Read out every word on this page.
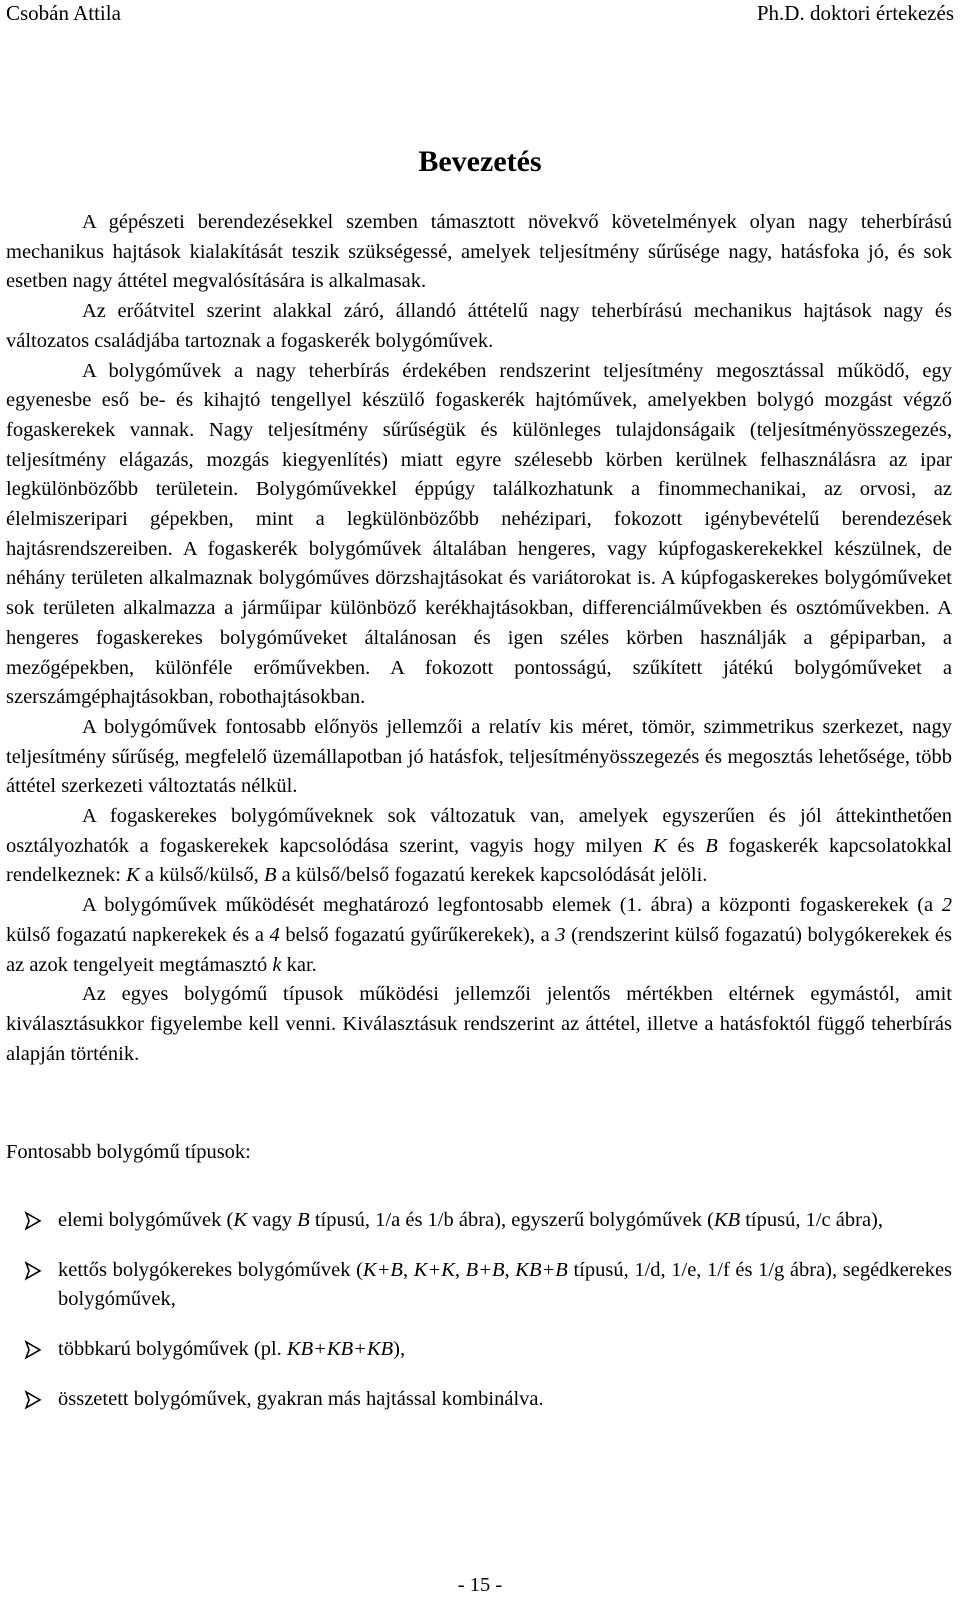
Csobán Attila	Ph.D. doktori értekezés
Bevezetés

A gépészeti berendezésekkel szemben támasztott növekvő követelmények olyan nagy teherbírású mechanikus hajtások kialakítását teszik szükségessé, amelyek teljesítmény sűrűsége nagy, hatásfoka jó, és sok esetben nagy áttétel megvalósítására is alkalmasak.

Az erőátvitel szerint alakkal záró, állandó áttételű nagy teherbírású mechanikus hajtások nagy és változatos családjába tartoznak a fogaskerék bolygóművek.

A bolygóművek a nagy teherbírás érdekében rendszerint teljesítmény megosztással működő, egy egyenesbe eső be- és kihajtó tengellyel készülő fogaskerék hajtóművek, amelyekben bolygó mozgást végző fogaskerekek vannak. Nagy teljesítmény sűrűségük és különleges tulajdonságaik (teljesítményösszegezés, teljesítmény elágazás, mozgás kiegyenlítés) miatt egyre szélesebb körben kerülnek felhasználásra az ipar legkülönbözőbb területein. Bolygóművekkel éppúgy találkozhatunk a finommechanikai, az orvosi, az élelmiszeripari gépekben, mint a legkülönbözőbb nehézipari, fokozott igénybevételű berendezések hajtásrendszereiben. A fogaskerék bolygóművek általában hengeres, vagy kúpfogaskerekekkel készülnek, de néhány területen alkalmaznak bolygóműves dörzshajtásokat és variátorokat is. A kúpfogaskerekes bolygóműveket sok területen alkalmazza a járműipar különböző kerékhajtásokban, differenciálművekben és osztóművekben. A hengeres fogaskerekes bolygóműveket általánosan és igen széles körben használják a gépiparban, a mezőgépekben, különféle erőművekben. A fokozott pontosságú, szűkített játékú bolygóműveket a szerszámgéphajtásokban, robothajtásokban.

A bolygóművek fontosabb előnyös jellemzői a relatív kis méret, tömör, szimmetrikus szerkezet, nagy teljesítmény sűrűség, megfelelő üzemállapotban jó hatásfok, teljesítményösszegezés és megosztás lehetősége, több áttétel szerkezeti változtatás nélkül.

A fogaskerekes bolygóműveknek sok változatuk van, amelyek egyszerűen és jól áttekinthetően osztályozhatók a fogaskerekek kapcsolódása szerint, vagyis hogy milyen K és B fogaskerék kapcsolatokkal rendelkeznek: K a külső/külső, B a külső/belső fogazatú kerekek kapcsolódását jelöli.

A bolygóművek működését meghatározó legfontosabb elemek (1. ábra) a központi fogaskerekek (a 2 külső fogazatú napkerekek és a 4 belső fogazatú gyűrűkerekek), a 3 (rendszerint külső fogazatú) bolygókerekek és az azok tengelyeit megtámasztó k kar.

Az egyes bolygómű típusok működési jellemzői jelentős mértékben eltérnek egymástól, amit kiválasztásukkor figyelembe kell venni. Kiválasztásuk rendszerint az áttétel, illetve a hatásfoktól függő teherbírás alapján történik.

Fontosabb bolygómű típusok:

elemi bolygóművek (K vagy B típusú, 1/a és 1/b ábra), egyszerű bolygóművek (KB típusú, 1/c ábra),
kettős bolygókerekes bolygóművek (K+B, K+K, B+B, KB+B típusú, 1/d, 1/e, 1/f és 1/g ábra), segédkerekes bolygóművek,
többkarú bolygóművek (pl. KB+KB+KB),
összetett bolygóművek, gyakran más hajtással kombinálva.
- 15 -
